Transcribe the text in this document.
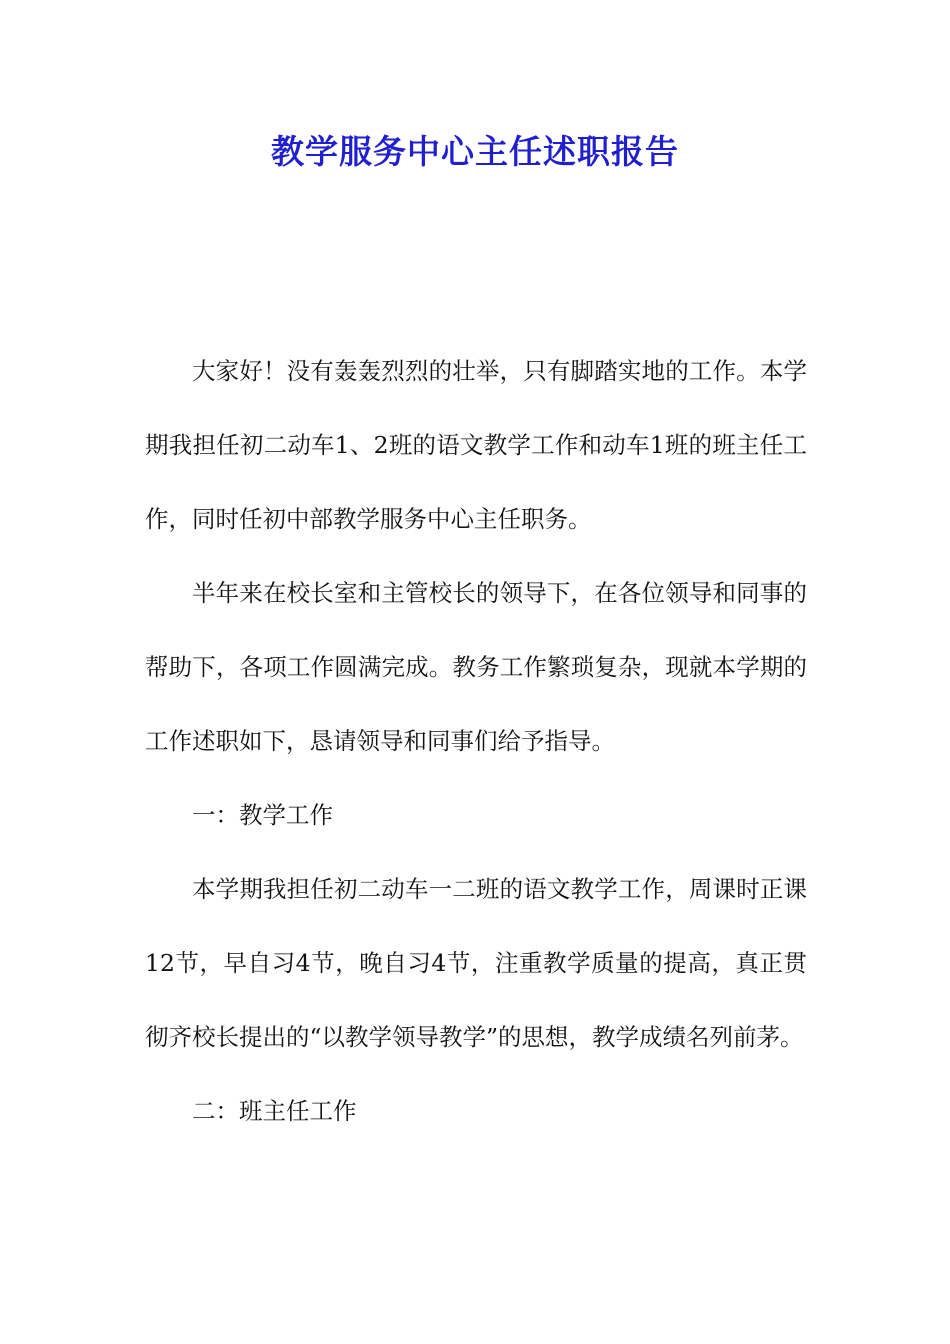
教学服务中心主任述职报告

大家好！没有轰轰烈烈的壮举，只有脚踏实地的工作。本学期我担任初二动车1、2班的语文教学工作和动车1班的班主任工作，同时任初中部教学服务中心主任职务。

半年来在校长室和主管校长的领导下，在各位领导和同事的帮助下，各项工作圆满完成。教务工作繁琐复杂，现就本学期的工作述职如下，恳请领导和同事们给予指导。

一：教学工作

本学期我担任初二动车一二班的语文教学工作，周课时正课12节，早自习4节，晚自习4节，注重教学质量的提高，真正贯彻齐校长提出的“以教学领导教学”的思想，教学成绩名列前茅。

二：班主任工作
